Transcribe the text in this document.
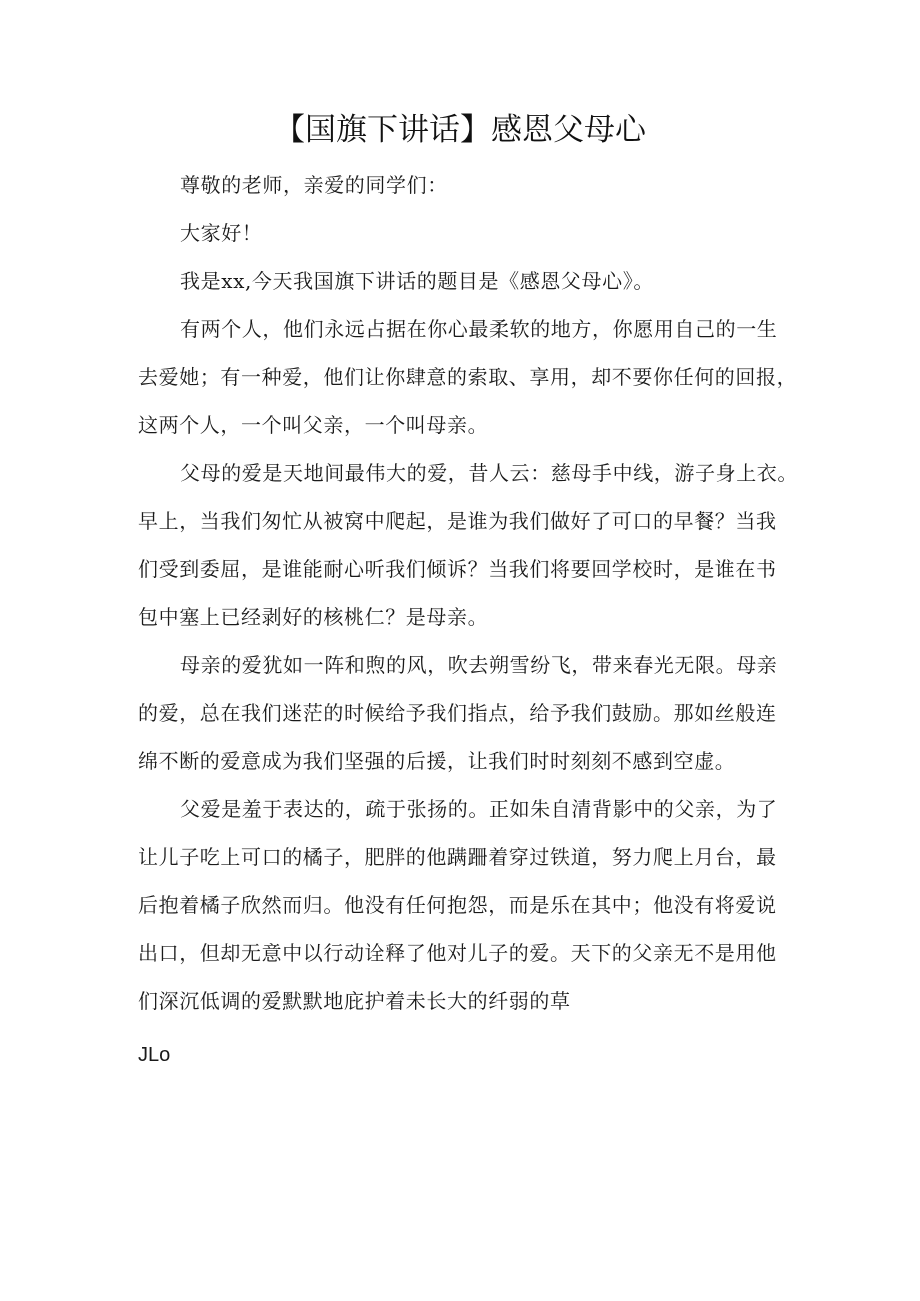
【国旗下讲话】感恩父母心
尊敬的老师，亲爱的同学们：
大家好！
我是xx,今天我国旗下讲话的题目是《感恩父母心》。
有两个人，他们永远占据在你心最柔软的地方，你愿用自己的一生
去爱她；有一种爱，他们让你肆意的索取、享用，却不要你任何的回报，
这两个人，一个叫父亲，一个叫母亲。
父母的爱是天地间最伟大的爱，昔人云：慈母手中线，游子身上衣。
早上，当我们匆忙从被窝中爬起，是谁为我们做好了可口的早餐？当我
们受到委屈，是谁能耐心听我们倾诉？当我们将要回学校时，是谁在书
包中塞上已经剥好的核桃仁？是母亲。
母亲的爱犹如一阵和煦的风，吹去朔雪纷飞，带来春光无限。母亲
的爱，总在我们迷茫的时候给予我们指点，给予我们鼓励。那如丝般连
绵不断的爱意成为我们坚强的后援，让我们时时刻刻不感到空虚。
父爱是羞于表达的，疏于张扬的。正如朱自清背影中的父亲，为了
让儿子吃上可口的橘子，肥胖的他蹒跚着穿过铁道，努力爬上月台，最
后抱着橘子欣然而归。他没有任何抱怨，而是乐在其中；他没有将爱说
出口，但却无意中以行动诠释了他对儿子的爱。天下的父亲无不是用他
们深沉低调的爱默默地庇护着未长大的纤弱的草
JLo
